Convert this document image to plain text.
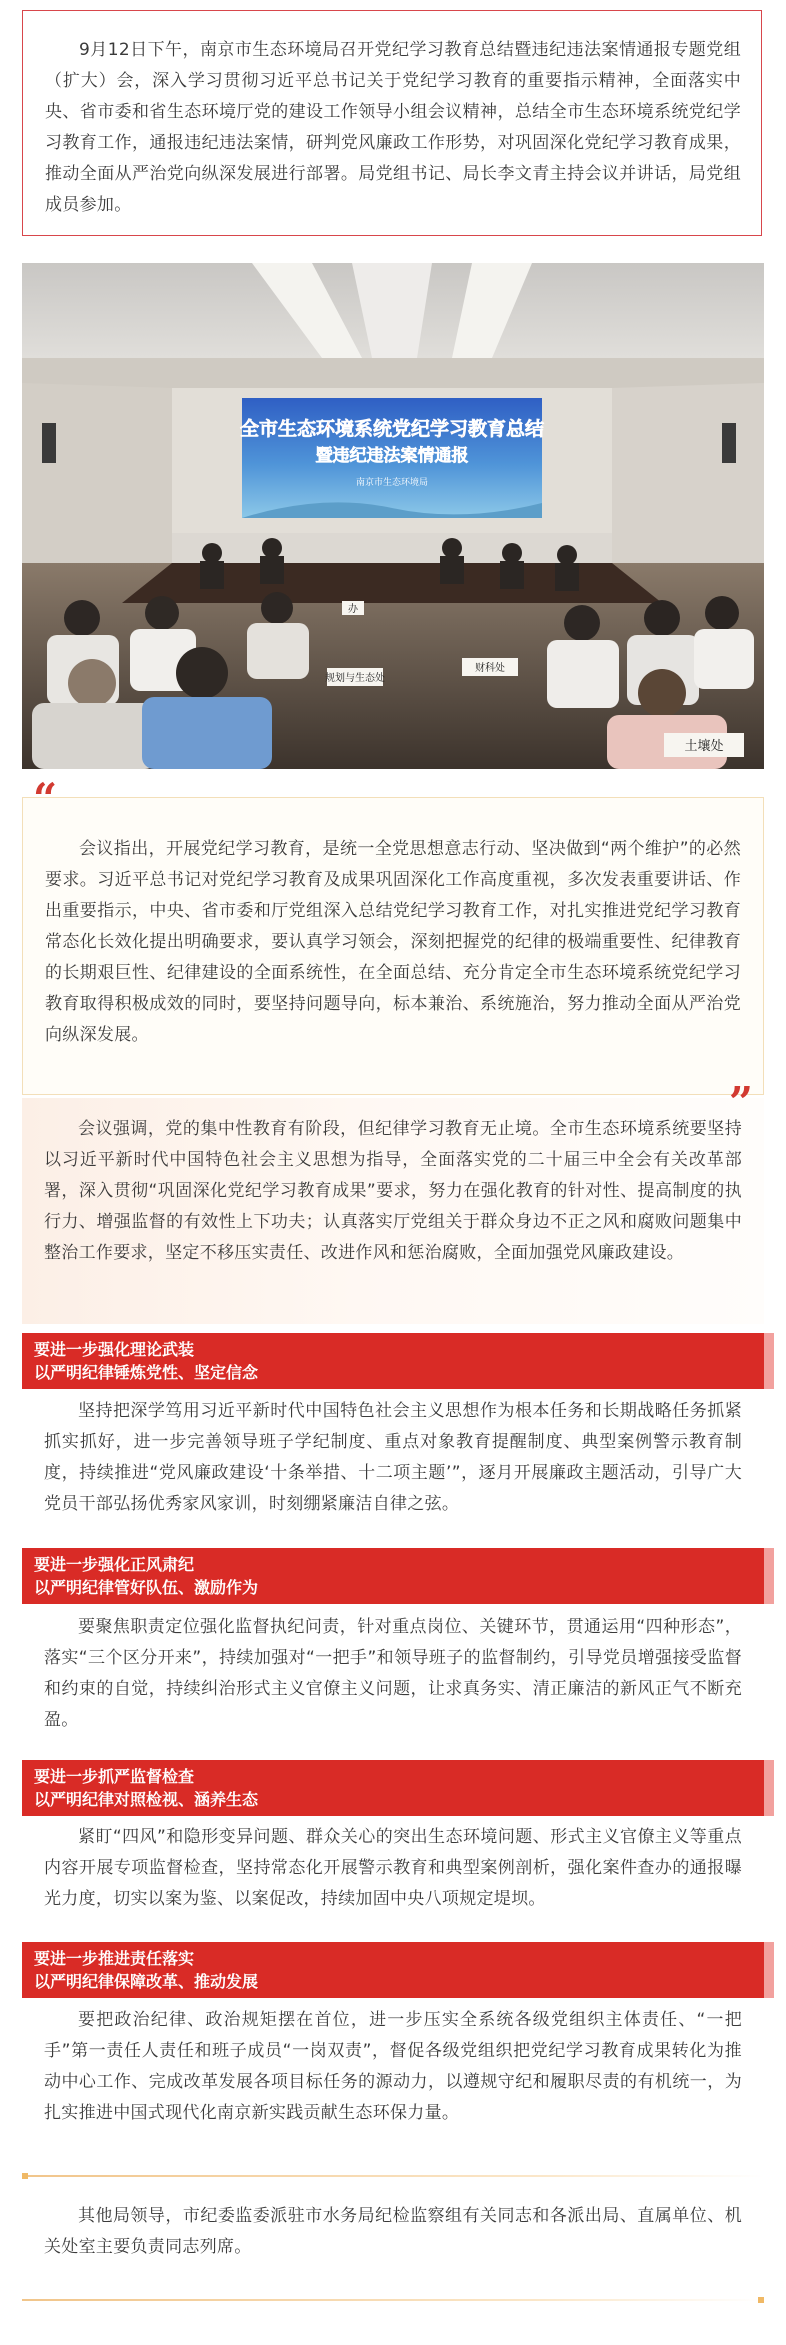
9月12日下午，南京市生态环境局召开党纪学习教育总结暨违纪违法案情通报专题党组（扩大）会，深入学习贯彻习近平总书记关于党纪学习教育的重要指示精神，全面落实中央、省市委和省生态环境厅党的建设工作领导小组会议精神，总结全市生态环境系统党纪学习教育工作，通报违纪违法案情，研判党风廉政工作形势，对巩固深化党纪学习教育成果，推动全面从严治党向纵深发展进行部署。局党组书记、局长李文青主持会议并讲话，局党组成员参加。

全市生态环境系统党纪学习教育总结
暨违纪违法案情通报
南京市生态环境局
规划与生态处
办
财科处
土壤处
“

会议指出，开展党纪学习教育，是统一全党思想意志行动、坚决做到“两个维护”的必然要求。习近平总书记对党纪学习教育及成果巩固深化工作高度重视，多次发表重要讲话、作出重要指示，中央、省市委和厅党组深入总结党纪学习教育工作，对扎实推进党纪学习教育常态化长效化提出明确要求，要认真学习领会，深刻把握党的纪律的极端重要性、纪律教育的长期艰巨性、纪律建设的全面系统性，在全面总结、充分肯定全市生态环境系统党纪学习教育取得积极成效的同时，要坚持问题导向，标本兼治、系统施治，努力推动全面从严治党向纵深发展。

会议强调，党的集中性教育有阶段，但纪律学习教育无止境。全市生态环境系统要坚持以习近平新时代中国特色社会主义思想为指导，全面落实党的二十届三中全会有关改革部署，深入贯彻“巩固深化党纪学习教育成果”要求，努力在强化教育的针对性、提高制度的执行力、增强监督的有效性上下功夫；认真落实厅党组关于群众身边不正之风和腐败问题集中整治工作要求，坚定不移压实责任、改进作风和惩治腐败，全面加强党风廉政建设。

要进一步强化理论武装
以严明纪律锤炼党性、坚定信念

坚持把深学笃用习近平新时代中国特色社会主义思想作为根本任务和长期战略任务抓紧抓实抓好，进一步完善领导班子学纪制度、重点对象教育提醒制度、典型案例警示教育制度，持续推进“党风廉政建设‘十条举措、十二项主题’”，逐月开展廉政主题活动，引导广大党员干部弘扬优秀家风家训，时刻绷紧廉洁自律之弦。

要进一步强化正风肃纪
以严明纪律管好队伍、激励作为

要聚焦职责定位强化监督执纪问责，针对重点岗位、关键环节，贯通运用“四种形态”，落实“三个区分开来”，持续加强对“一把手”和领导班子的监督制约，引导党员增强接受监督和约束的自觉，持续纠治形式主义官僚主义问题，让求真务实、清正廉洁的新风正气不断充盈。

要进一步抓严监督检查
以严明纪律对照检视、涵养生态

紧盯“四风”和隐形变异问题、群众关心的突出生态环境问题、形式主义官僚主义等重点内容开展专项监督检查，坚持常态化开展警示教育和典型案例剖析，强化案件查办的通报曝光力度，切实以案为鉴、以案促改，持续加固中央八项规定堤坝。

要进一步推进责任落实
以严明纪律保障改革、推动发展

要把政治纪律、政治规矩摆在首位，进一步压实全系统各级党组织主体责任、“一把手”第一责任人责任和班子成员“一岗双责”，督促各级党组织把党纪学习教育成果转化为推动中心工作、完成改革发展各项目标任务的源动力，以遵规守纪和履职尽责的有机统一，为扎实推进中国式现代化南京新实践贡献生态环保力量。

其他局领导，市纪委监委派驻市水务局纪检监察组有关同志和各派出局、直属单位、机关处室主要负责同志列席。
